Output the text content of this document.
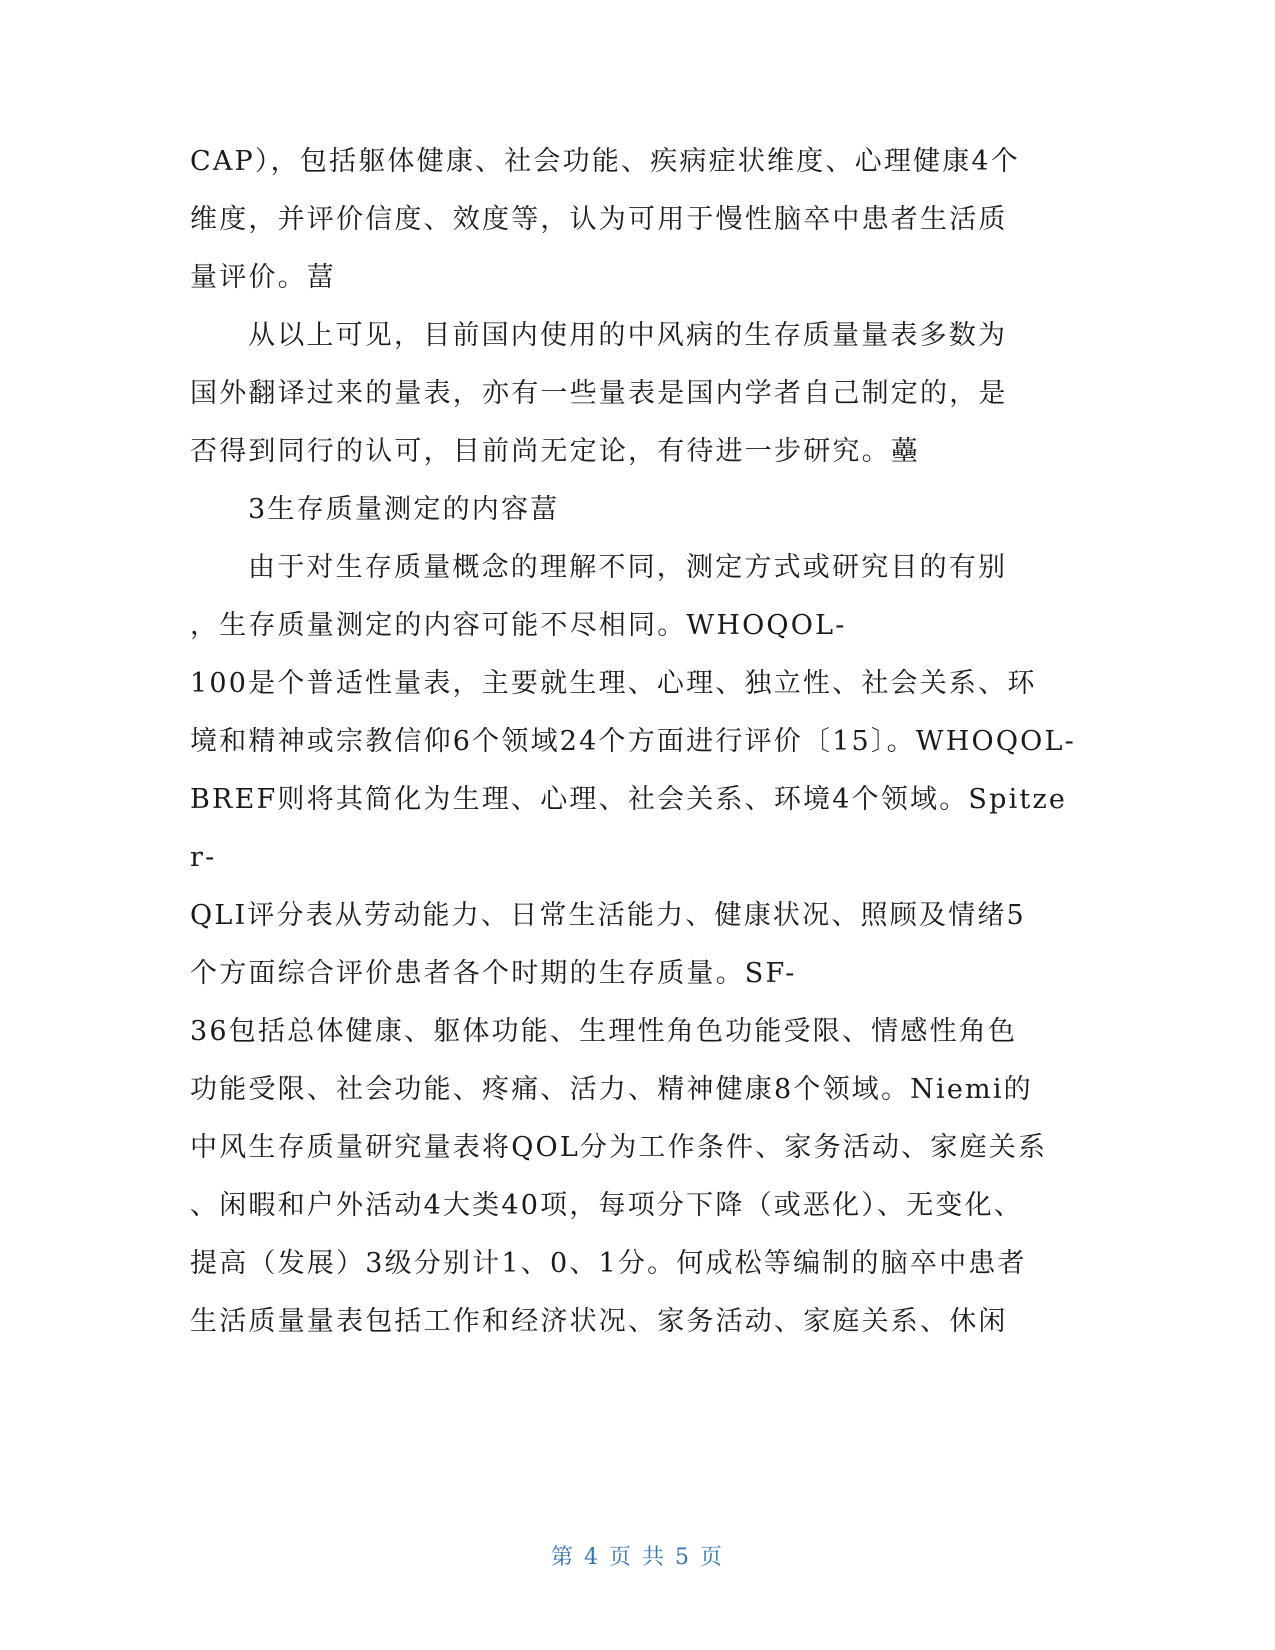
CAP），包括躯体健康、社会功能、疾病症状维度、心理健康4个
维度，并评价信度、效度等，认为可用于慢性脑卒中患者生活质
量评价。葍
从以上可见，目前国内使用的中风病的生存质量量表多数为
国外翻译过来的量表，亦有一些量表是国内学者自己制定的，是
否得到同行的认可，目前尚无定论，有待进一步研究。蘲
3生存质量测定的内容葍
由于对生存质量概念的理解不同，测定方式或研究目的有别
，生存质量测定的内容可能不尽相同。WHOQOL-
100是个普适性量表，主要就生理、心理、独立性、社会关系、环
境和精神或宗教信仰6个领域24个方面进行评价〔15〕。WHOQOL-
BREF则将其简化为生理、心理、社会关系、环境4个领域。Spitze
r-
QLI评分表从劳动能力、日常生活能力、健康状况、照顾及情绪5
个方面综合评价患者各个时期的生存质量。SF-
36包括总体健康、躯体功能、生理性角色功能受限、情感性角色
功能受限、社会功能、疼痛、活力、精神健康8个领域。Niemi的
中风生存质量研究量表将QOL分为工作条件、家务活动、家庭关系
、闲暇和户外活动4大类40项，每项分下降（或恶化）、无变化、
提高（发展）3级分别计1、0、1分。何成松等编制的脑卒中患者
生活质量量表包括工作和经济状况、家务活动、家庭关系、休闲
第 4 页 共 5 页
